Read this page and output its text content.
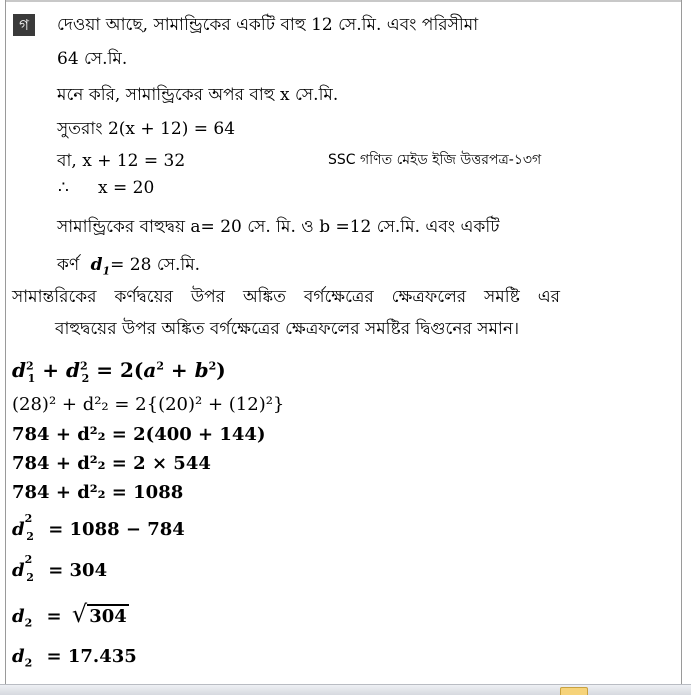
গ	দেওয়া আছে, সামান্ড্রিকের একটি বাহু 12 সে.মি. এবং পরিসীমা
64 সে.মি.
মনে করি, সামান্ড্রিকের অপর বাহু x সে.মি.
সুতরাং 2(x + 12) = 64
বা, x + 12 = 32	SSC গণিত মেইড ইজি উত্তরপত্র-১৩গ
∴ x = 20
সামান্ড্রিকের বাহুদ্বয় a= 20 সে. মি. ও b =12 সে.মি. এবং একটি
কর্ণ $d_1= 28$ সে.মি.
সামান্তরিকের কর্ণদ্বয়ের উপর অঙ্কিত বর্গক্ষেত্রের ক্ষেত্রফলের সমষ্টি এর
বাহুদ্বয়ের উপর অঙ্কিত বর্গক্ষেত্রের ক্ষেত্রফলের সমষ্টির দ্বিগুনের সমান।
$d^2_1 + d^2_2 = 2(a^2 + b^2)$
(28)² + d²₂ = 2{(20)² + (12)²}
784 + d²₂ = 2(400 + 144)
784 + d²₂ = 2 × 544
784 + d²₂ = 1088
$d^2_2 = 1088 - 784$
$d^2_2 = 304$
$d_2$ = √ 304
$d_2 = 17.435$
